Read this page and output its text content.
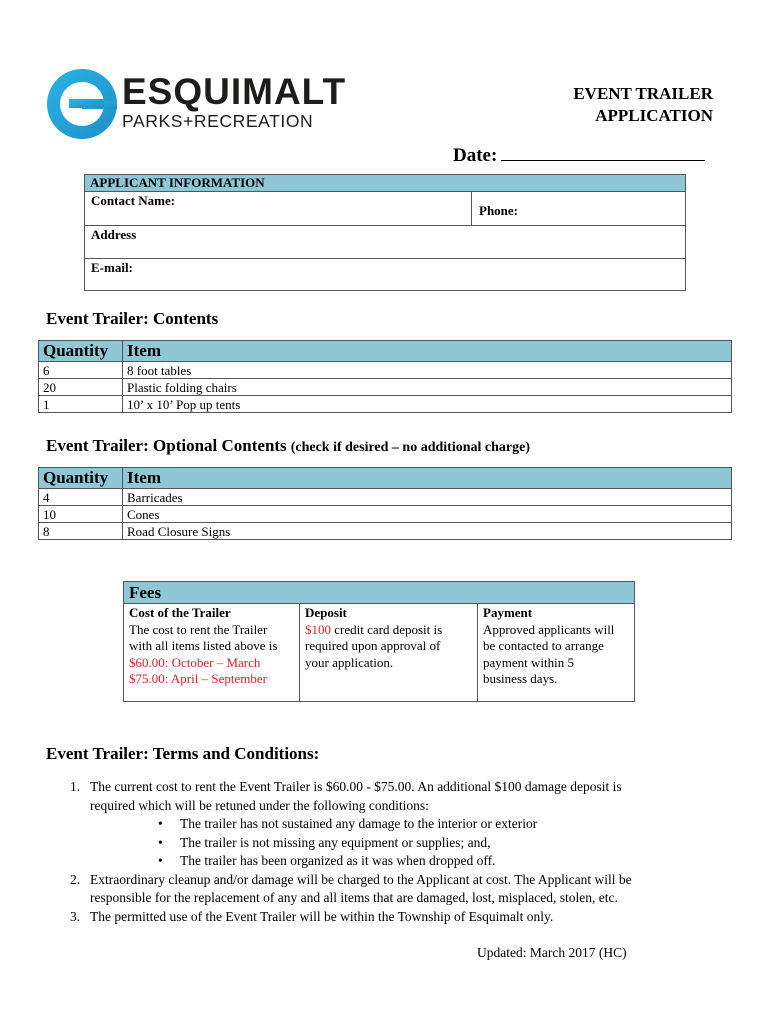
ESQUIMALT
PARKS+RECREATION
EVENT TRAILER
APPLICATION
Date:
APPLICANT INFORMATION
Contact Name:
Phone:
Address
E-mail:
Event Trailer: Contents
Quantity	Item
6	8 foot tables
20	Plastic folding chairs
1	10’ x 10’ Pop up tents
Event Trailer: Optional Contents (check if desired – no additional charge)
Quantity	Item
4	Barricades
10	Cones
8	Road Closure Signs
Fees
Cost of the Trailer
The cost to rent the Trailer
with all items listed above is
$60.00: October – March
$75.00: April – September
Deposit
$100 credit card deposit is
required upon approval of
your application.
Payment
Approved applicants will
be contacted to arrange
payment within 5
business days.
Event Trailer: Terms and Conditions:
1. The current cost to rent the Event Trailer is $60.00 - $75.00. An additional $100 damage deposit is
required which will be retuned under the following conditions:
• The trailer has not sustained any damage to the interior or exterior
• The trailer is not missing any equipment or supplies; and,
• The trailer has been organized as it was when dropped off.
2. Extraordinary cleanup and/or damage will be charged to the Applicant at cost. The Applicant will be
responsible for the replacement of any and all items that are damaged, lost, misplaced, stolen, etc.
3. The permitted use of the Event Trailer will be within the Township of Esquimalt only.
Updated: March 2017 (HC)
